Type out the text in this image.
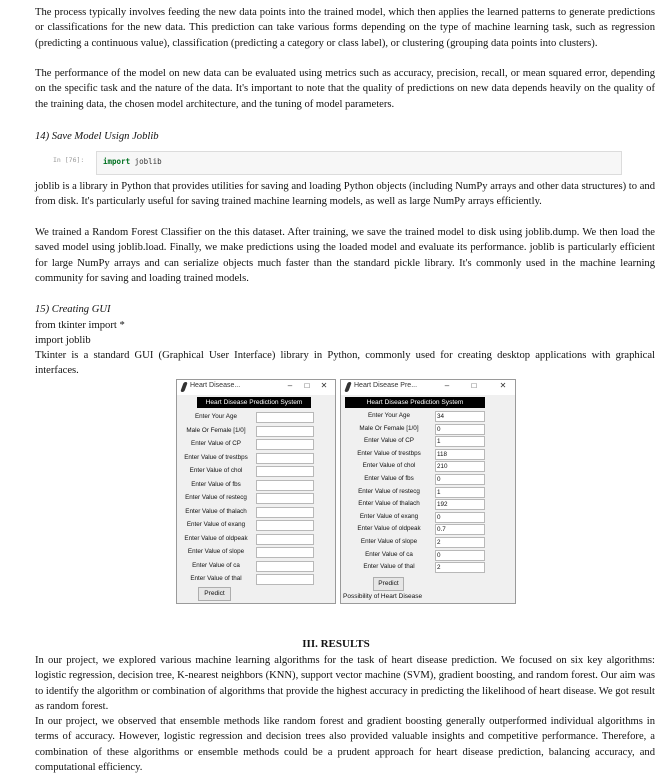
The process typically involves feeding the new data points into the trained model, which then applies the learned patterns to generate predictions or classifications for the new data. This prediction can take various forms depending on the type of machine learning task, such as regression (predicting a continuous value), classification (predicting a category or class label), or clustering (grouping data points into clusters).

The performance of the model on new data can be evaluated using metrics such as accuracy, precision, recall, or mean squared error, depending on the specific task and the nature of the data. It's important to note that the quality of predictions on new data depends heavily on the quality of the training data, the chosen model architecture, and the tuning of model parameters.

14) Save Model Usign Joblib

In [76]: import joblib

joblib is a library in Python that provides utilities for saving and loading Python objects (including NumPy arrays and other data structures) to and from disk. It's particularly useful for saving trained machine learning models, as well as large NumPy arrays efficiently.

We trained a Random Forest Classifier on the this dataset. After training, we save the trained model to disk using joblib.dump. We then load the saved model using joblib.load. Finally, we make predictions using the loaded model and evaluate its performance. joblib is particularly efficient for large NumPy arrays and can serialize objects much faster than the standard pickle library. It's commonly used in the machine learning community for saving and loading trained models.

15) Creating GUI

from tkinter import *

import joblib

Tkinter is a standard GUI (Graphical User Interface) library in Python, commonly used for creating desktop applications with graphical interfaces.

Heart Disease...	–	□	✕
Heart Disease Prediction System
Enter Your Age
Male Or Female [1/0]
Enter Value of CP
Enter Value of trestbps
Enter Value of chol
Enter Value of fbs
Enter Value of restecg
Enter Value of thalach
Enter Value of exang
Enter Value of oldpeak
Enter Value of slope
Enter Value of ca
Enter Value of thal
Predict
Heart Disease Pre...	–	□	✕
Heart Disease Prediction System
Enter Your Age	34
Male Or Female [1/0]	0
Enter Value of CP	1
Enter Value of trestbps	118
Enter Value of chol	210
Enter Value of fbs	0
Enter Value of restecg	1
Enter Value of thalach	192
Enter Value of exang	0
Enter Value of oldpeak	0.7
Enter Value of slope	2
Enter Value of ca	0
Enter Value of thal	2
Predict
Possibility of Heart Disease
III. RESULTS

In our project, we explored various machine learning algorithms for the task of heart disease prediction. We focused on six key algorithms: logistic regression, decision tree, K-nearest neighbors (KNN), support vector machine (SVM), gradient boosting, and random forest. Our aim was to identify the algorithm or combination of algorithms that provide the highest accuracy in predicting the likelihood of heart disease. We got result as random forest.

In our project, we observed that ensemble methods like random forest and gradient boosting generally outperformed individual algorithms in terms of accuracy. However, logistic regression and decision trees also provided valuable insights and competitive performance. Therefore, a combination of these algorithms or ensemble methods could be a prudent approach for heart disease prediction, balancing accuracy, and computational efficiency.
